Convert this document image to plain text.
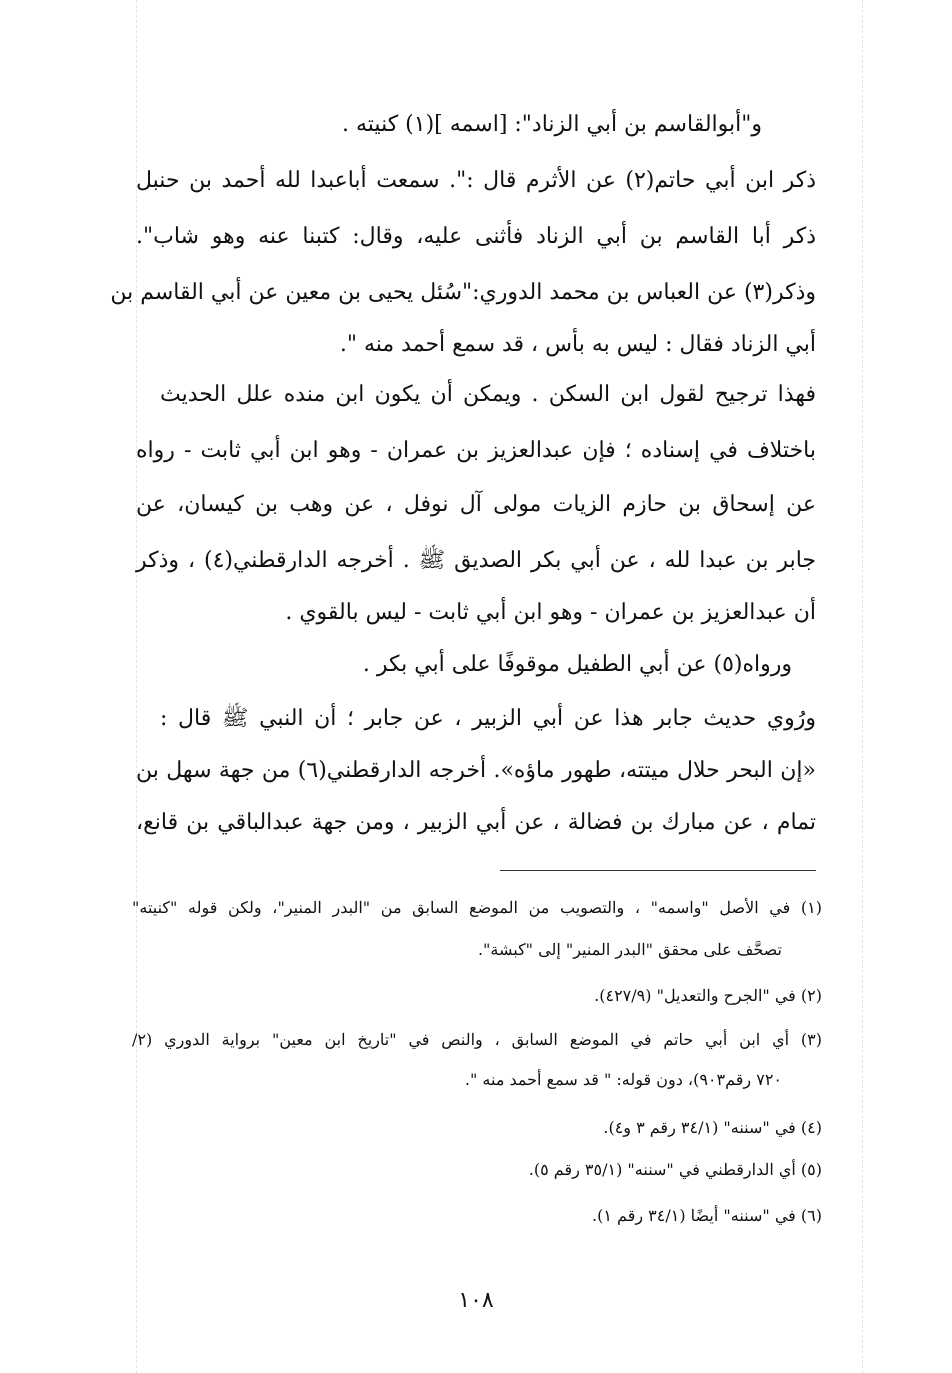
و"أبوالقاسم بن أبي الزناد": [اسمه ](١) كنيته .
ذكر ابن أبي حاتم(٢) عن الأثرم قال :". سمعت أباعبدا لله أحمد بن حنبل
ذكر أبا القاسم بن أبي الزناد فأثنى عليه، وقال: كتبنا عنه وهو شاب".
وذكر(٣) عن العباس بن محمد الدوري:"سُئل يحيى بن معين عن أبي القاسم بن
أبي الزناد فقال : ليس به بأس ، قد سمع أحمد منه ".
فهذا ترجيح لقول ابن السكن . ويمكن أن يكون ابن منده علل الحديث
باختلاف في إسناده ؛ فإن عبدالعزيز بن عمران - وهو ابن أبي ثابت - رواه
عن إسحاق بن حازم الزيات مولى آل نوفل ، عن وهب بن كيسان، عن
جابر بن عبدا لله ، عن أبي بكر الصديق ﷺ . أخرجه الدارقطني(٤) ، وذكر
أن عبدالعزيز بن عمران - وهو ابن أبي ثابت - ليس بالقوي .
ورواه(٥) عن أبي الطفيل موقوفًا على أبي بكر .
ورُوي حديث جابر هذا عن أبي الزبير ، عن جابر ؛ أن النبي ﷺ قال :
«إن البحر حلال ميتته، طهور ماؤه». أخرجه الدارقطني(٦) من جهة سهل بن
تمام ، عن مبارك بن فضالة ، عن أبي الزبير ، ومن جهة عبدالباقي بن قانع،
(١) في الأصل "واسمه" ، والتصويب من الموضع السابق من "البدر المنير"، ولكن قوله "كنيته"
تصحَّف على محقق "البدر المنير" إلى "كبشة".
(٢) في "الجرح والتعديل" (٤٢٧/٩).
(٣) أي ابن أبي حاتم في الموضع السابق ، والنص في "تاريخ ابن معين" برواية الدوري (٢/
٧٢٠ رقم٩٠٣)، دون قوله: " قد سمع أحمد منه ".
(٤) في "سننه" (٣٤/١ رقم ٣ و٤).
(٥) أي الدارقطني في "سننه" (٣٥/١ رقم ٥).
(٦) في "سننه" أيضًا (٣٤/١ رقم ١).
١٠٨
